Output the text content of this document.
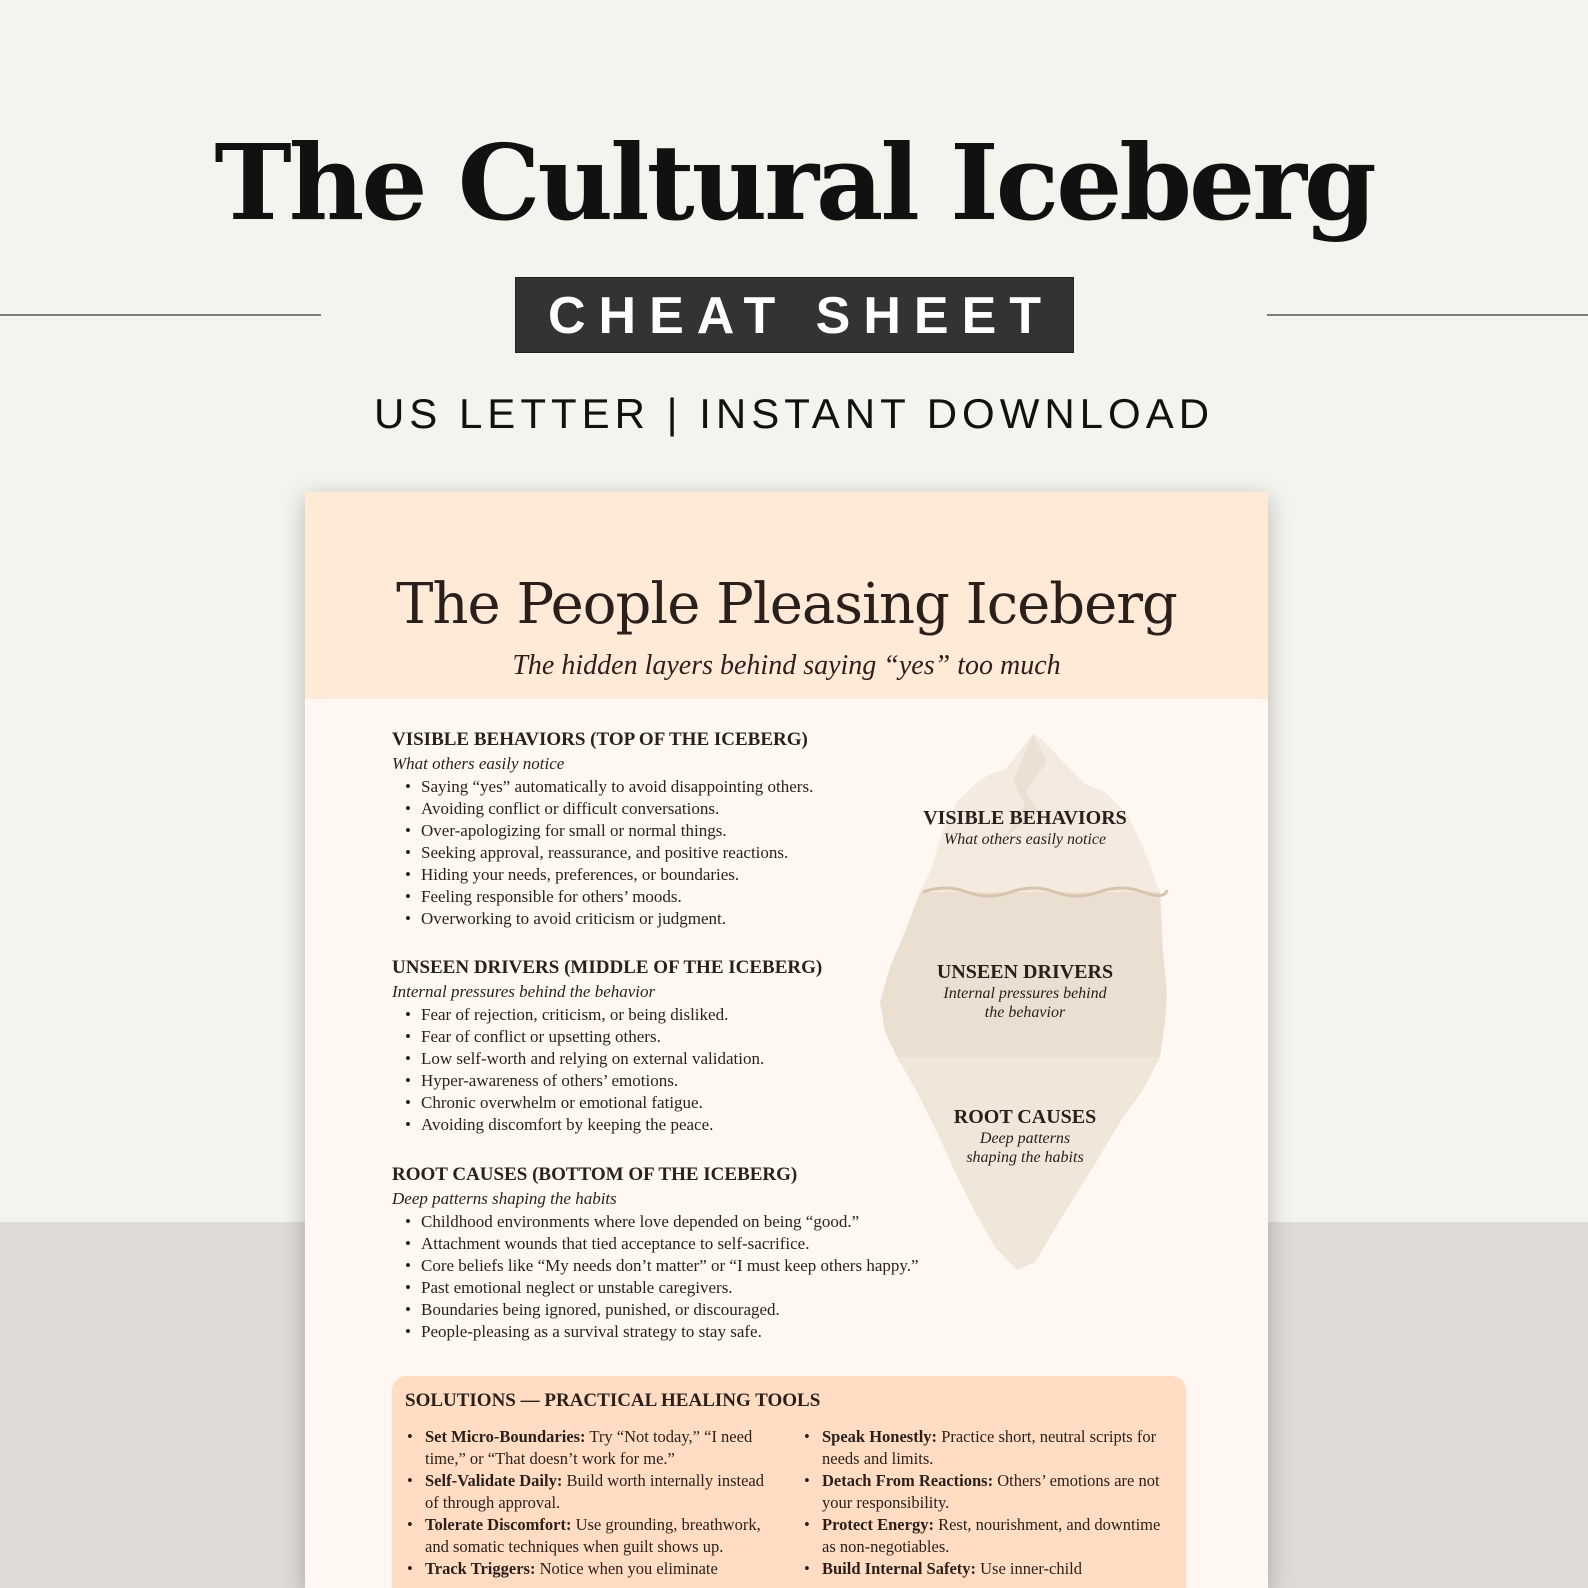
The Cultural Iceberg
CHEAT SHEET
US LETTER | INSTANT DOWNLOAD
The People Pleasing Iceberg
The hidden layers behind saying “yes” too much
VISIBLE BEHAVIORS
What others easily notice
UNSEEN DRIVERS
Internal pressures behind
the behavior
ROOT CAUSES
Deep patterns
shaping the habits
VISIBLE BEHAVIORS (TOP OF THE ICEBERG)
What others easily notice
• Saying “yes” automatically to avoid disappointing others.
• Avoiding conflict or difficult conversations.
• Over-apologizing for small or normal things.
• Seeking approval, reassurance, and positive reactions.
• Hiding your needs, preferences, or boundaries.
• Feeling responsible for others’ moods.
• Overworking to avoid criticism or judgment.
UNSEEN DRIVERS (MIDDLE OF THE ICEBERG)
Internal pressures behind the behavior
• Fear of rejection, criticism, or being disliked.
• Fear of conflict or upsetting others.
• Low self-worth and relying on external validation.
• Hyper-awareness of others’ emotions.
• Chronic overwhelm or emotional fatigue.
• Avoiding discomfort by keeping the peace.
ROOT CAUSES (BOTTOM OF THE ICEBERG)
Deep patterns shaping the habits
• Childhood environments where love depended on being “good.”
• Attachment wounds that tied acceptance to self-sacrifice.
• Core beliefs like “My needs don’t matter” or “I must keep others happy.”
• Past emotional neglect or unstable caregivers.
• Boundaries being ignored, punished, or discouraged.
• People-pleasing as a survival strategy to stay safe.
SOLUTIONS — PRACTICAL HEALING TOOLS
• Set Micro-Boundaries: Try “Not today,” “I need time,” or “That doesn’t work for me.”
• Self-Validate Daily: Build worth internally instead of through approval.
• Tolerate Discomfort: Use grounding, breathwork, and somatic techniques when guilt shows up.
• Track Triggers: Notice when you eliminate
• Speak Honestly: Practice short, neutral scripts for needs and limits.
• Detach From Reactions: Others’ emotions are not your responsibility.
• Protect Energy: Rest, nourishment, and downtime as non-negotiables.
• Build Internal Safety: Use inner-child
